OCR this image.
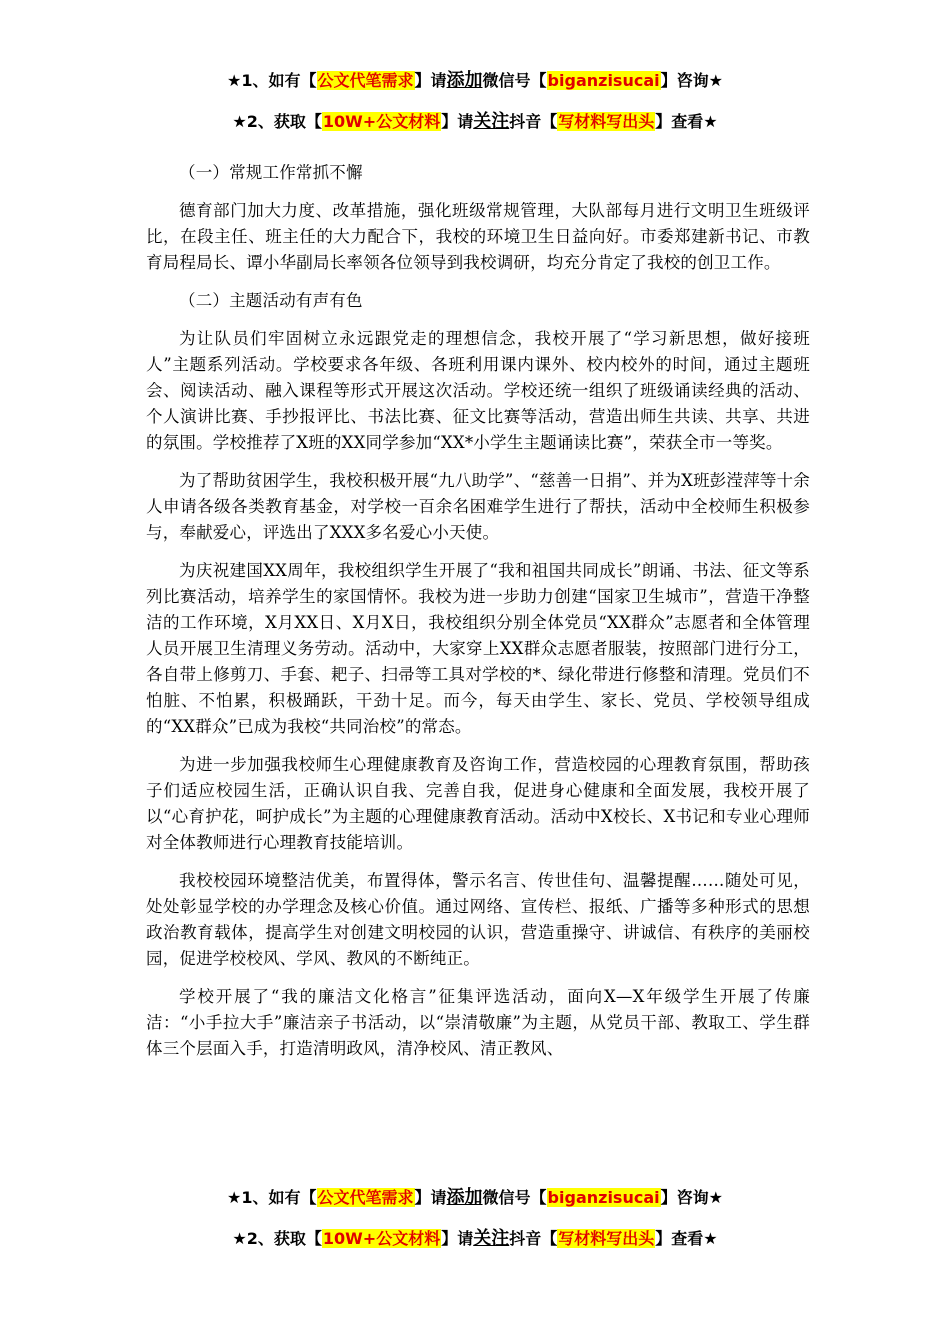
★1、如有【公文代笔需求】请添加微信号【biganzisucai】咨询★
★2、获取【10W+公文材料】请关注抖音【写材料写出头】查看★

（一）常规工作常抓不懈

德育部门加大力度、改革措施，强化班级常规管理，大队部每月进行文明卫生班级评比，在段主任、班主任的大力配合下，我校的环境卫生日益向好。市委郑建新书记、市教育局程局长、谭小华副局长率领各位领导到我校调研，均充分肯定了我校的创卫工作。

（二）主题活动有声有色

为让队员们牢固树立永远跟党走的理想信念，我校开展了“学习新思想，做好接班人”主题系列活动。学校要求各年级、各班利用课内课外、校内校外的时间，通过主题班会、阅读活动、融入课程等形式开展这次活动。学校还统一组织了班级诵读经典的活动、个人演讲比赛、手抄报评比、书法比赛、征文比赛等活动，营造出师生共读、共享、共进的氛围。学校推荐了X班的XX同学参加“XX*小学生主题诵读比赛”，荣获全市一等奖。

为了帮助贫困学生，我校积极开展“九八助学”、“慈善一日捐”、并为X班彭滢萍等十余人申请各级各类教育基金，对学校一百余名困难学生进行了帮扶，活动中全校师生积极参与，奉献爱心，评选出了XXX多名爱心小天使。

为庆祝建国XX周年，我校组织学生开展了“我和祖国共同成长”朗诵、书法、征文等系列比赛活动，培养学生的家国情怀。我校为进一步助力创建“国家卫生城市”，营造干净整洁的工作环境，X月XX日、X月X日，我校组织分别全体党员“XX群众”志愿者和全体管理人员开展卫生清理义务劳动。活动中，大家穿上XX群众志愿者服装，按照部门进行分工，各自带上修剪刀、手套、耙子、扫帚等工具对学校的*、绿化带进行修整和清理。党员们不怕脏、不怕累，积极踊跃，干劲十足。而今，每天由学生、家长、党员、学校领导组成的“XX群众”已成为我校“共同治校”的常态。

为进一步加强我校师生心理健康教育及咨询工作，营造校园的心理教育氛围，帮助孩子们适应校园生活，正确认识自我、完善自我，促进身心健康和全面发展，我校开展了以“心育护花，呵护成长”为主题的心理健康教育活动。活动中X校长、X书记和专业心理师对全体教师进行心理教育技能培训。

我校校园环境整洁优美，布置得体，警示名言、传世佳句、温馨提醒……随处可见，处处彰显学校的办学理念及核心价值。通过网络、宣传栏、报纸、广播等多种形式的思想政治教育载体，提高学生对创建文明校园的认识，营造重操守、讲诚信、有秩序的美丽校园，促进学校校风、学风、教风的不断纯正。

学校开展了“我的廉洁文化格言”征集评选活动，面向X—X年级学生开展了传廉洁：“小手拉大手”廉洁亲子书活动，以“崇清敬廉”为主题，从党员干部、教取工、学生群体三个层面入手，打造清明政风，清净校风、清正教风、

★1、如有【公文代笔需求】请添加微信号【biganzisucai】咨询★
★2、获取【10W+公文材料】请关注抖音【写材料写出头】查看★
